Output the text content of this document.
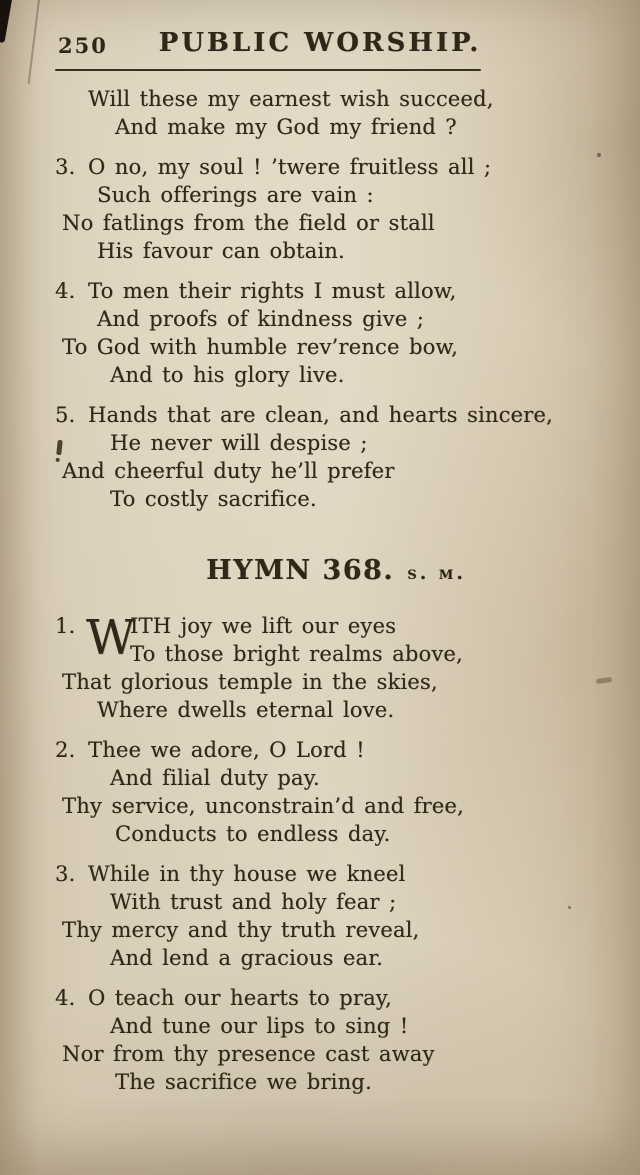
250	PUBLIC WORSHIP.
Will these my earnest wish succeed,
And make my God my friend ?
3. O no, my soul ! ’twere fruitless all ;
Such offerings are vain :
No fatlings from the field or stall
His favour can obtain.
4. To men their rights I must allow,
And proofs of kindness give ;
To God with humble rev’rence bow,
And to his glory live.
5. Hands that are clean, and hearts sincere,
He never will despise ;
And cheerful duty he’ll prefer
To costly sacrifice.
HYMN 368. s. m.
W
1.	ITH joy we lift our eyes
To those bright realms above,
That glorious temple in the skies,
Where dwells eternal love.
2. Thee we adore, O Lord !
And filial duty pay.
Thy service, unconstrain’d and free,
Conducts to endless day.
3. While in thy house we kneel
With trust and holy fear ;
Thy mercy and thy truth reveal,
And lend a gracious ear.
4. O teach our hearts to pray,
And tune our lips to sing !
Nor from thy presence cast away
The sacrifice we bring.
